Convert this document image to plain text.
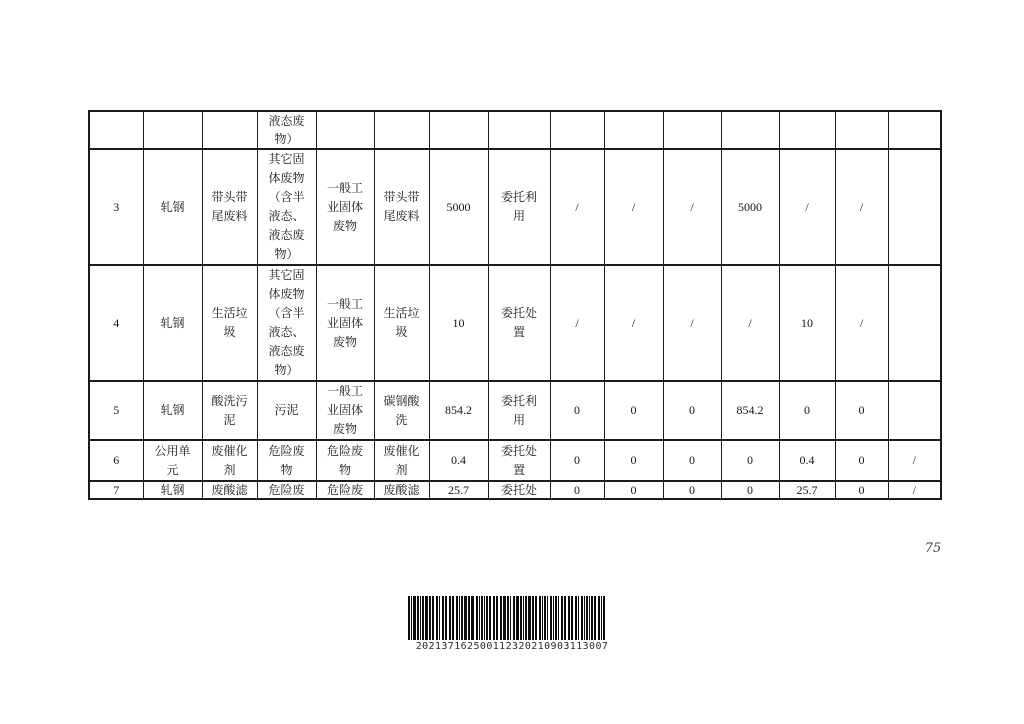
			液态废物）											
3	轧钢	带头带尾废料	其它固体废物（含半液态、液态废物）	一般工业固体废物	带头带尾废料	5000	委托利用	/	/	/	5000	/	/	
4	轧钢	生活垃圾	其它固体废物（含半液态、液态废物）	一般工业固体废物	生活垃圾	10	委托处置	/	/	/	/	10	/	
5	轧钢	酸洗污泥	污泥	一般工业固体废物	碳钢酸洗	854.2	委托利用	0	0	0	854.2	0	0	
6	公用单元	废催化剂	危险废物	危险废物	废催化剂	0.4	委托处置	0	0	0	0	0.4	0	/
7	轧钢	废酸滤	危险废	危险废	废酸滤	25.7	委托处	0	0	0	0	25.7	0	/
75
202137162500112320210903113007
